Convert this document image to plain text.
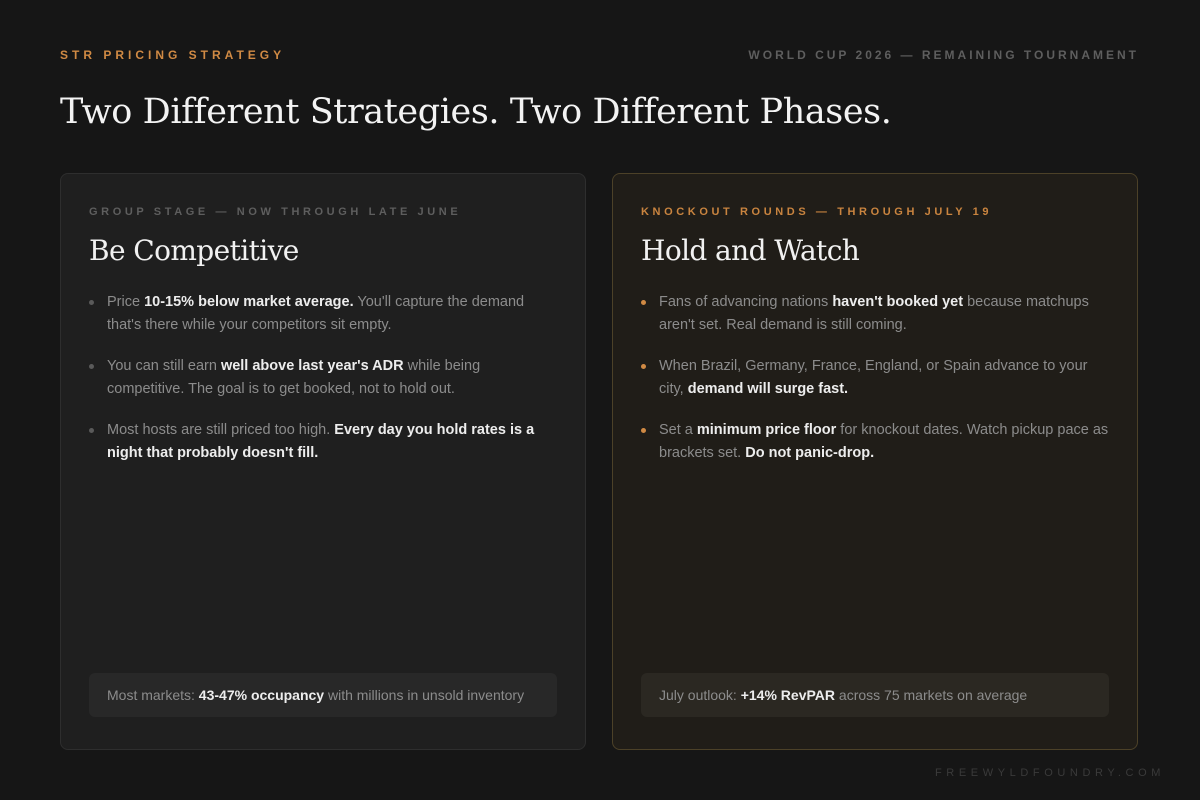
STR PRICING STRATEGY	WORLD CUP 2026 — REMAINING TOURNAMENT
Two Different Strategies. Two Different Phases.
GROUP STAGE — NOW THROUGH LATE JUNE
Be Competitive
Price 10-15% below market average. You'll capture the demand that's there while your competitors sit empty.
You can still earn well above last year's ADR while being competitive. The goal is to get booked, not to hold out.
Most hosts are still priced too high. Every day you hold rates is a night that probably doesn't fill.
Most markets: 43-47% occupancy with millions in unsold inventory
KNOCKOUT ROUNDS — THROUGH JULY 19
Hold and Watch
Fans of advancing nations haven't booked yet because matchups aren't set. Real demand is still coming.
When Brazil, Germany, France, England, or Spain advance to your city, demand will surge fast.
Set a minimum price floor for knockout dates. Watch pickup pace as brackets set. Do not panic-drop.
July outlook: +14% RevPAR across 75 markets on average
FREEWYLDFOUNDRY.COM
